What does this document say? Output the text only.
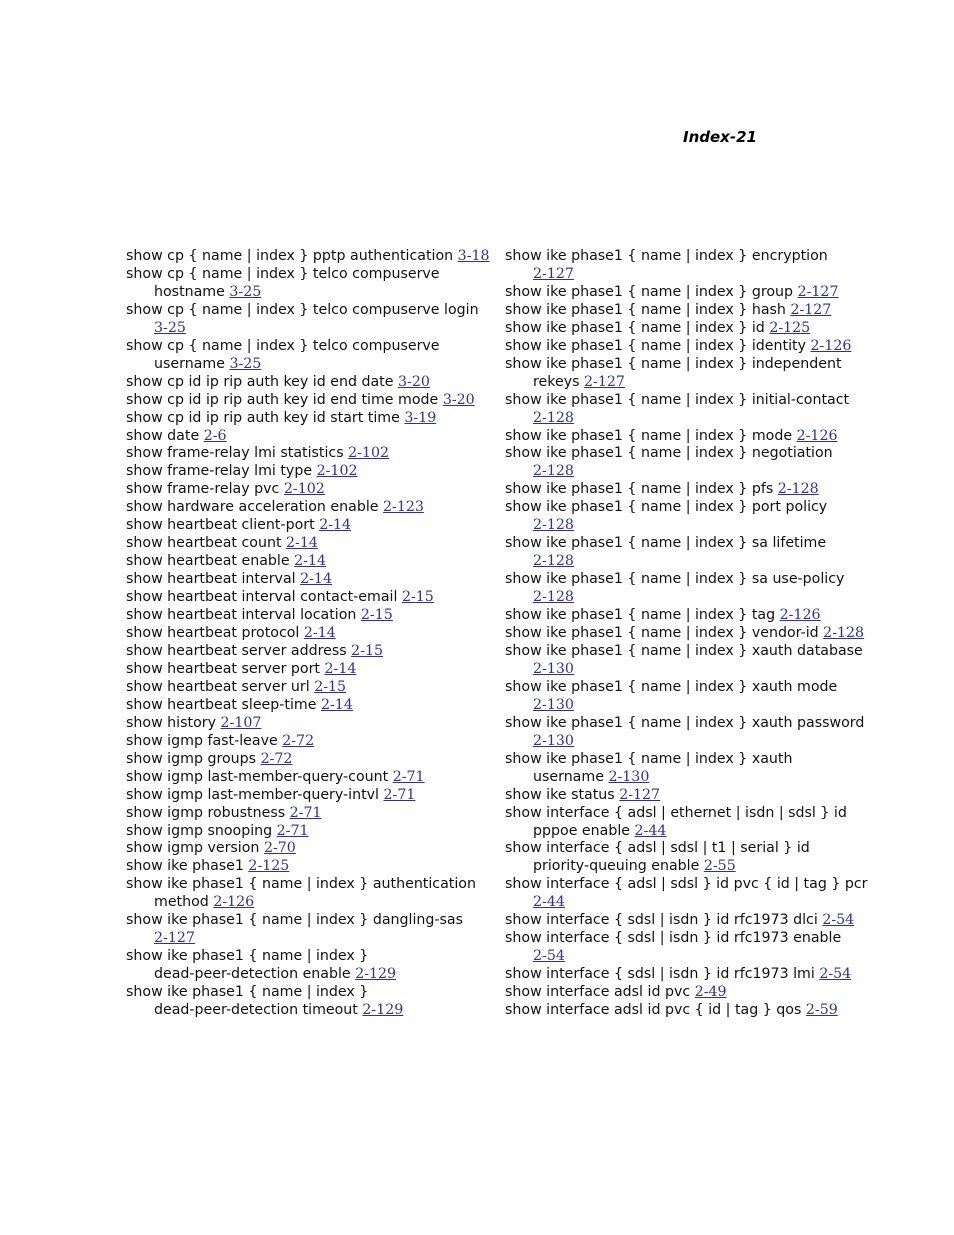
Index-21
show cp { name | index } pptp authentication 3-18
show cp { name | index } telco compuserve
hostname 3-25
show cp { name | index } telco compuserve login
3-25
show cp { name | index } telco compuserve
username 3-25
show cp id ip rip auth key id end date 3-20
show cp id ip rip auth key id end time mode 3-20
show cp id ip rip auth key id start time 3-19
show date 2-6
show frame-relay lmi statistics 2-102
show frame-relay lmi type 2-102
show frame-relay pvc 2-102
show hardware acceleration enable 2-123
show heartbeat client-port 2-14
show heartbeat count 2-14
show heartbeat enable 2-14
show heartbeat interval 2-14
show heartbeat interval contact-email 2-15
show heartbeat interval location 2-15
show heartbeat protocol 2-14
show heartbeat server address 2-15
show heartbeat server port 2-14
show heartbeat server url 2-15
show heartbeat sleep-time 2-14
show history 2-107
show igmp fast-leave 2-72
show igmp groups 2-72
show igmp last-member-query-count 2-71
show igmp last-member-query-intvl 2-71
show igmp robustness 2-71
show igmp snooping 2-71
show igmp version 2-70
show ike phase1 2-125
show ike phase1 { name | index } authentication
method 2-126
show ike phase1 { name | index } dangling-sas
2-127
show ike phase1 { name | index }
dead-peer-detection enable 2-129
show ike phase1 { name | index }
dead-peer-detection timeout 2-129
show ike phase1 { name | index } encryption
2-127
show ike phase1 { name | index } group 2-127
show ike phase1 { name | index } hash 2-127
show ike phase1 { name | index } id 2-125
show ike phase1 { name | index } identity 2-126
show ike phase1 { name | index } independent
rekeys 2-127
show ike phase1 { name | index } initial-contact
2-128
show ike phase1 { name | index } mode 2-126
show ike phase1 { name | index } negotiation
2-128
show ike phase1 { name | index } pfs 2-128
show ike phase1 { name | index } port policy
2-128
show ike phase1 { name | index } sa lifetime
2-128
show ike phase1 { name | index } sa use-policy
2-128
show ike phase1 { name | index } tag 2-126
show ike phase1 { name | index } vendor-id 2-128
show ike phase1 { name | index } xauth database
2-130
show ike phase1 { name | index } xauth mode
2-130
show ike phase1 { name | index } xauth password
2-130
show ike phase1 { name | index } xauth
username 2-130
show ike status 2-127
show interface { adsl | ethernet | isdn | sdsl } id
pppoe enable 2-44
show interface { adsl | sdsl | t1 | serial } id
priority-queuing enable 2-55
show interface { adsl | sdsl } id pvc { id | tag } pcr
2-44
show interface { sdsl | isdn } id rfc1973 dlci 2-54
show interface { sdsl | isdn } id rfc1973 enable
2-54
show interface { sdsl | isdn } id rfc1973 lmi 2-54
show interface adsl id pvc 2-49
show interface adsl id pvc { id | tag } qos 2-59
